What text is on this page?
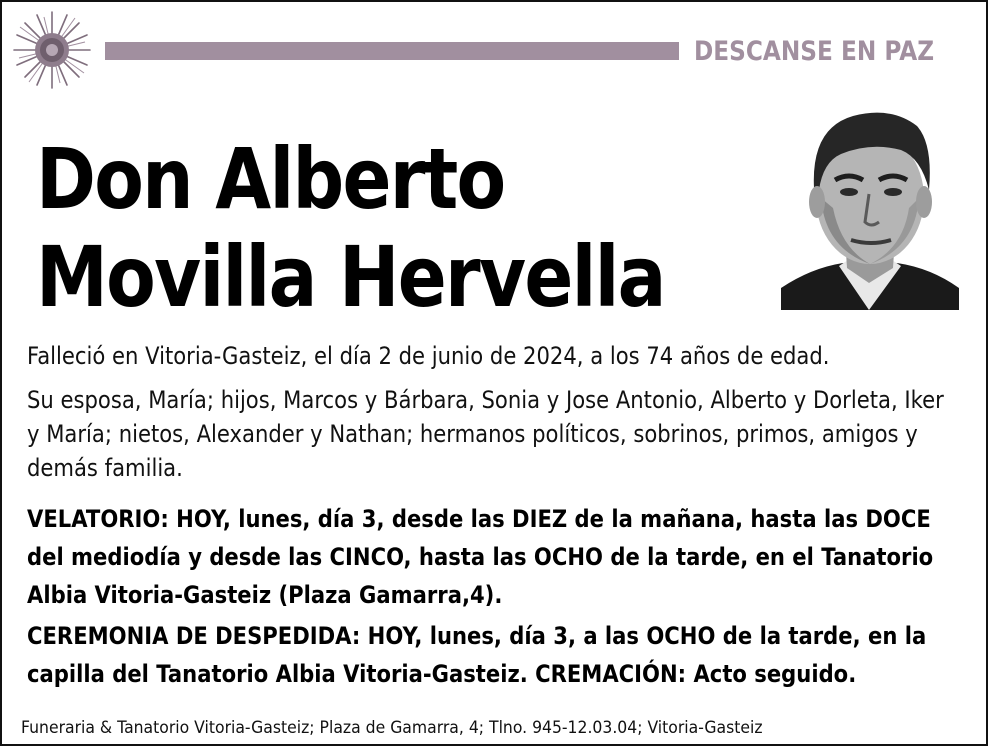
DESCANSE EN PAZ
Don Alberto
Movilla Hervella
Falleció en Vitoria-Gasteiz, el día 2 de junio de 2024, a los 74 años de edad.
Su esposa, María; hijos, Marcos y Bárbara, Sonia y Jose Antonio, Alberto y Dorleta, Iker y María; nietos, Alexander y Nathan; hermanos políticos, sobrinos, primos, amigos y demás familia.
VELATORIO: HOY, lunes, día 3, desde las DIEZ de la mañana, hasta las DOCE del mediodía y desde las CINCO, hasta las OCHO de la tarde, en el Tanatorio Albia Vitoria-Gasteiz (Plaza Gamarra,4).
CEREMONIA DE DESPEDIDA: HOY, lunes, día 3, a las OCHO de la tarde, en la capilla del Tanatorio Albia Vitoria-Gasteiz. CREMACIÓN: Acto seguido.
Funeraria & Tanatorio Vitoria-Gasteiz; Plaza de Gamarra, 4; Tlno. 945-12.03.04; Vitoria-Gasteiz
